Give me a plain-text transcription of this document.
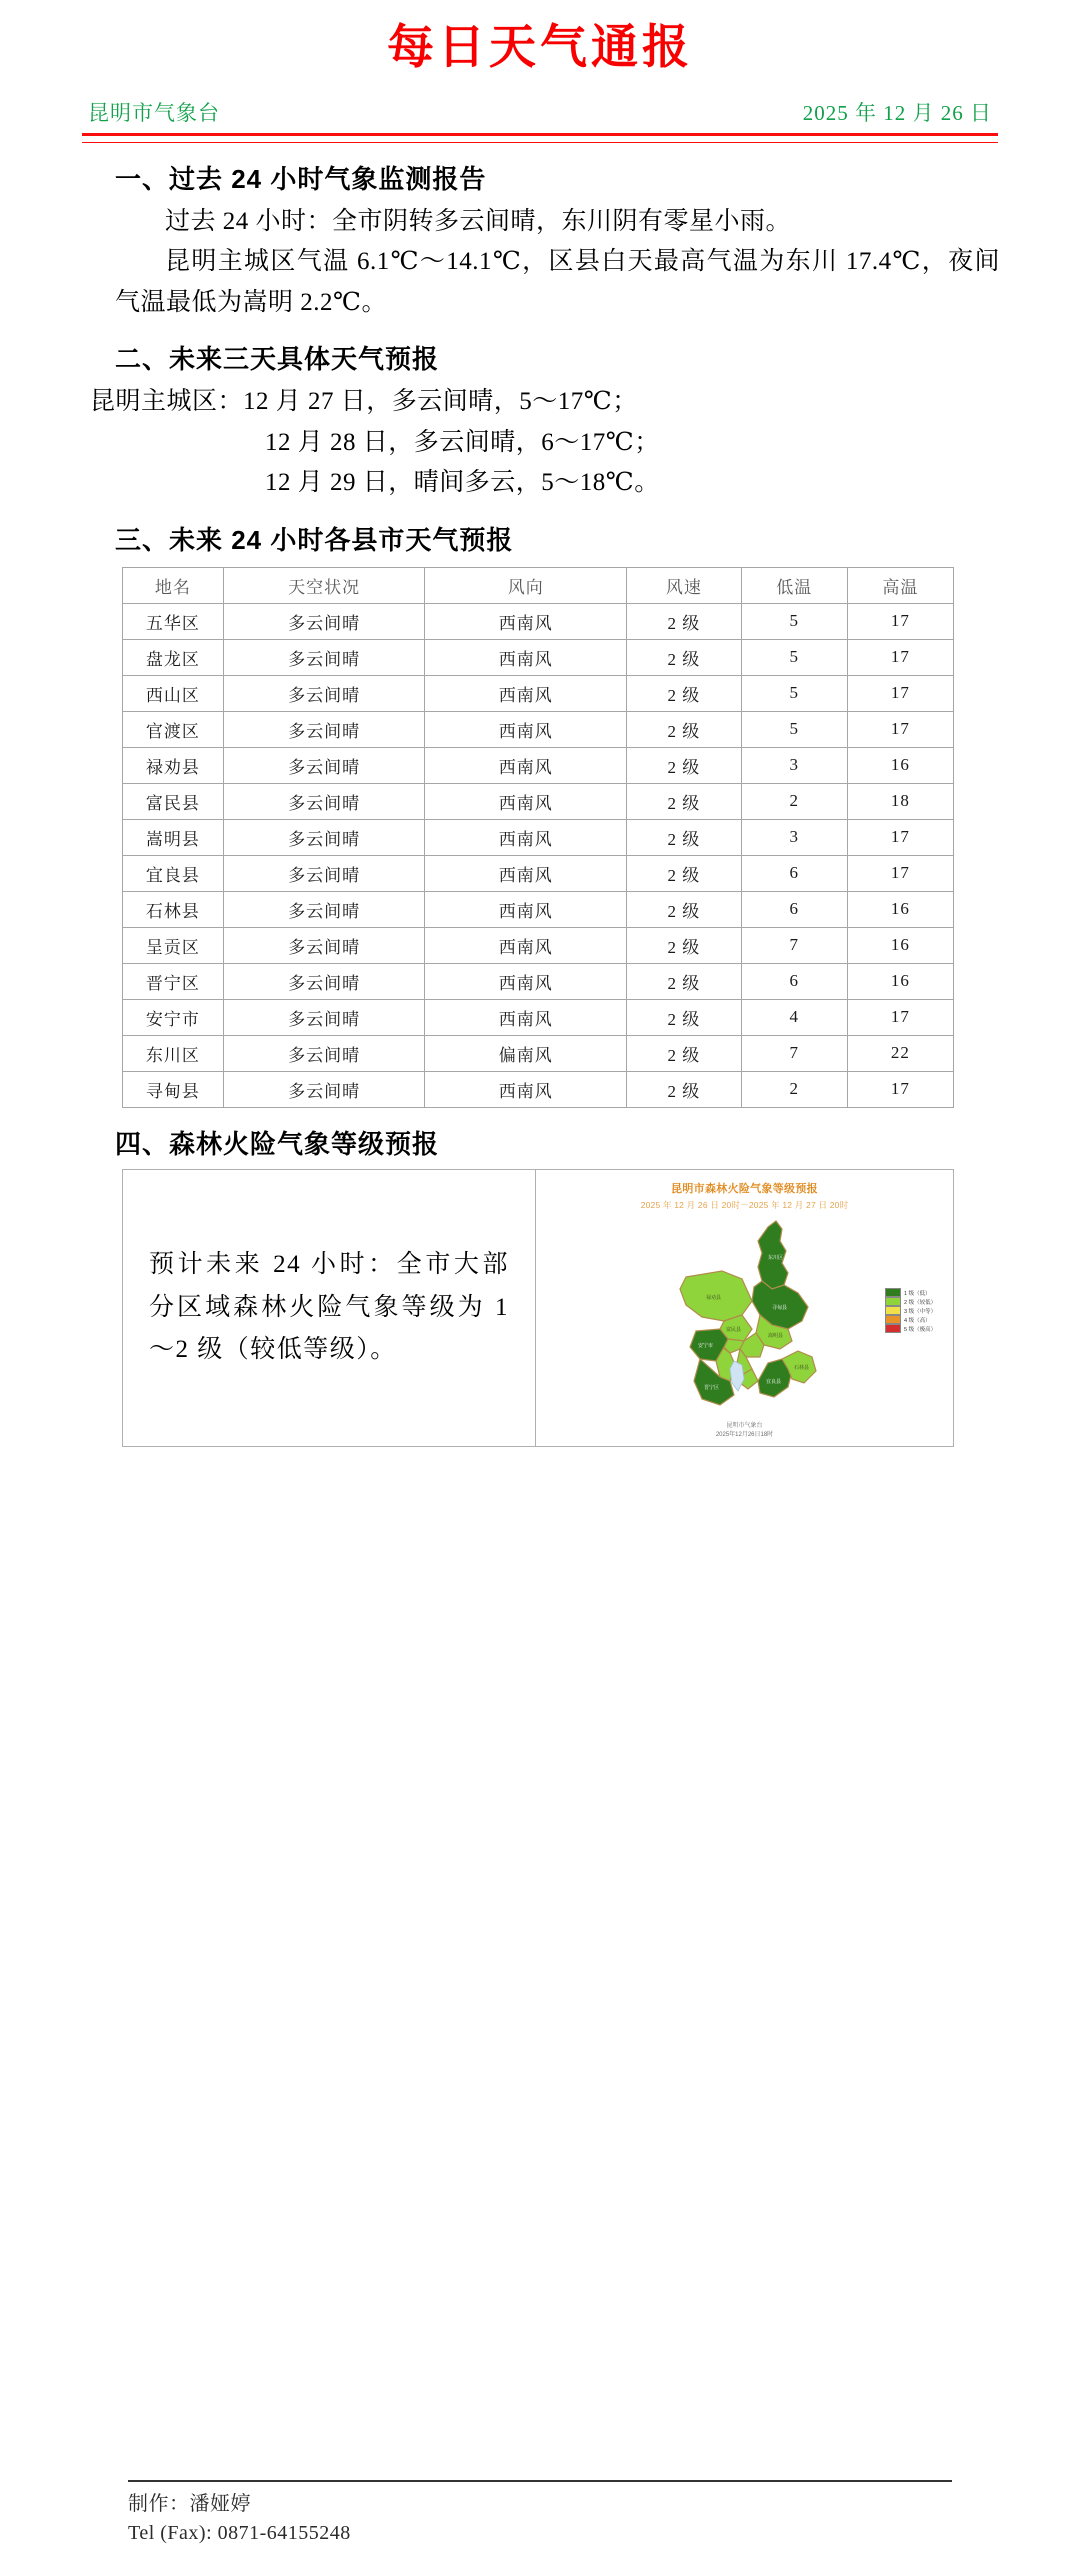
每日天气通报
昆明市气象台	2025 年 12 月 26 日
一、过去 24 小时气象监测报告
过去 24 小时：全市阴转多云间晴，东川阴有零星小雨。
昆明主城区气温 6.1℃～14.1℃，区县白天最高气温为东川 17.4℃，夜间气温最低为嵩明 2.2℃。
二、未来三天具体天气预报
昆明主城区：12 月 27 日，多云间晴，5～17℃；
12 月 28 日，多云间晴，6～17℃；
12 月 29 日，晴间多云，5～18℃。
三、未来 24 小时各县市天气预报
地名	天空状况	风向	风速	低温	高温
五华区	多云间晴	西南风	2 级	5	17
盘龙区	多云间晴	西南风	2 级	5	17
西山区	多云间晴	西南风	2 级	5	17
官渡区	多云间晴	西南风	2 级	5	17
禄劝县	多云间晴	西南风	2 级	3	16
富民县	多云间晴	西南风	2 级	2	18
嵩明县	多云间晴	西南风	2 级	3	17
宜良县	多云间晴	西南风	2 级	6	17
石林县	多云间晴	西南风	2 级	6	16
呈贡区	多云间晴	西南风	2 级	7	16
晋宁区	多云间晴	西南风	2 级	6	16
安宁市	多云间晴	西南风	2 级	4	17
东川区	多云间晴	偏南风	2 级	7	22
寻甸县	多云间晴	西南风	2 级	2	17
四、森林火险气象等级预报
预计未来 24 小时：全市大部分区域森林火险气象等级为 1～2 级（较低等级）。
昆明市森林火险气象等级预报
2025 年 12 月 26 日 20时－2025 年 12 月 27 日 20时
东川区
寻甸县
禄劝县
嵩明县
富民县
安宁市
晋宁区
宜良县
石林县
1 级（低）
2 级（较低）
3 级（中等）
4 级（高）
5 级（极高）
昆明市气象台
2025年12月26日18时
制作：潘娅婷
Tel (Fax): 0871-64155248
